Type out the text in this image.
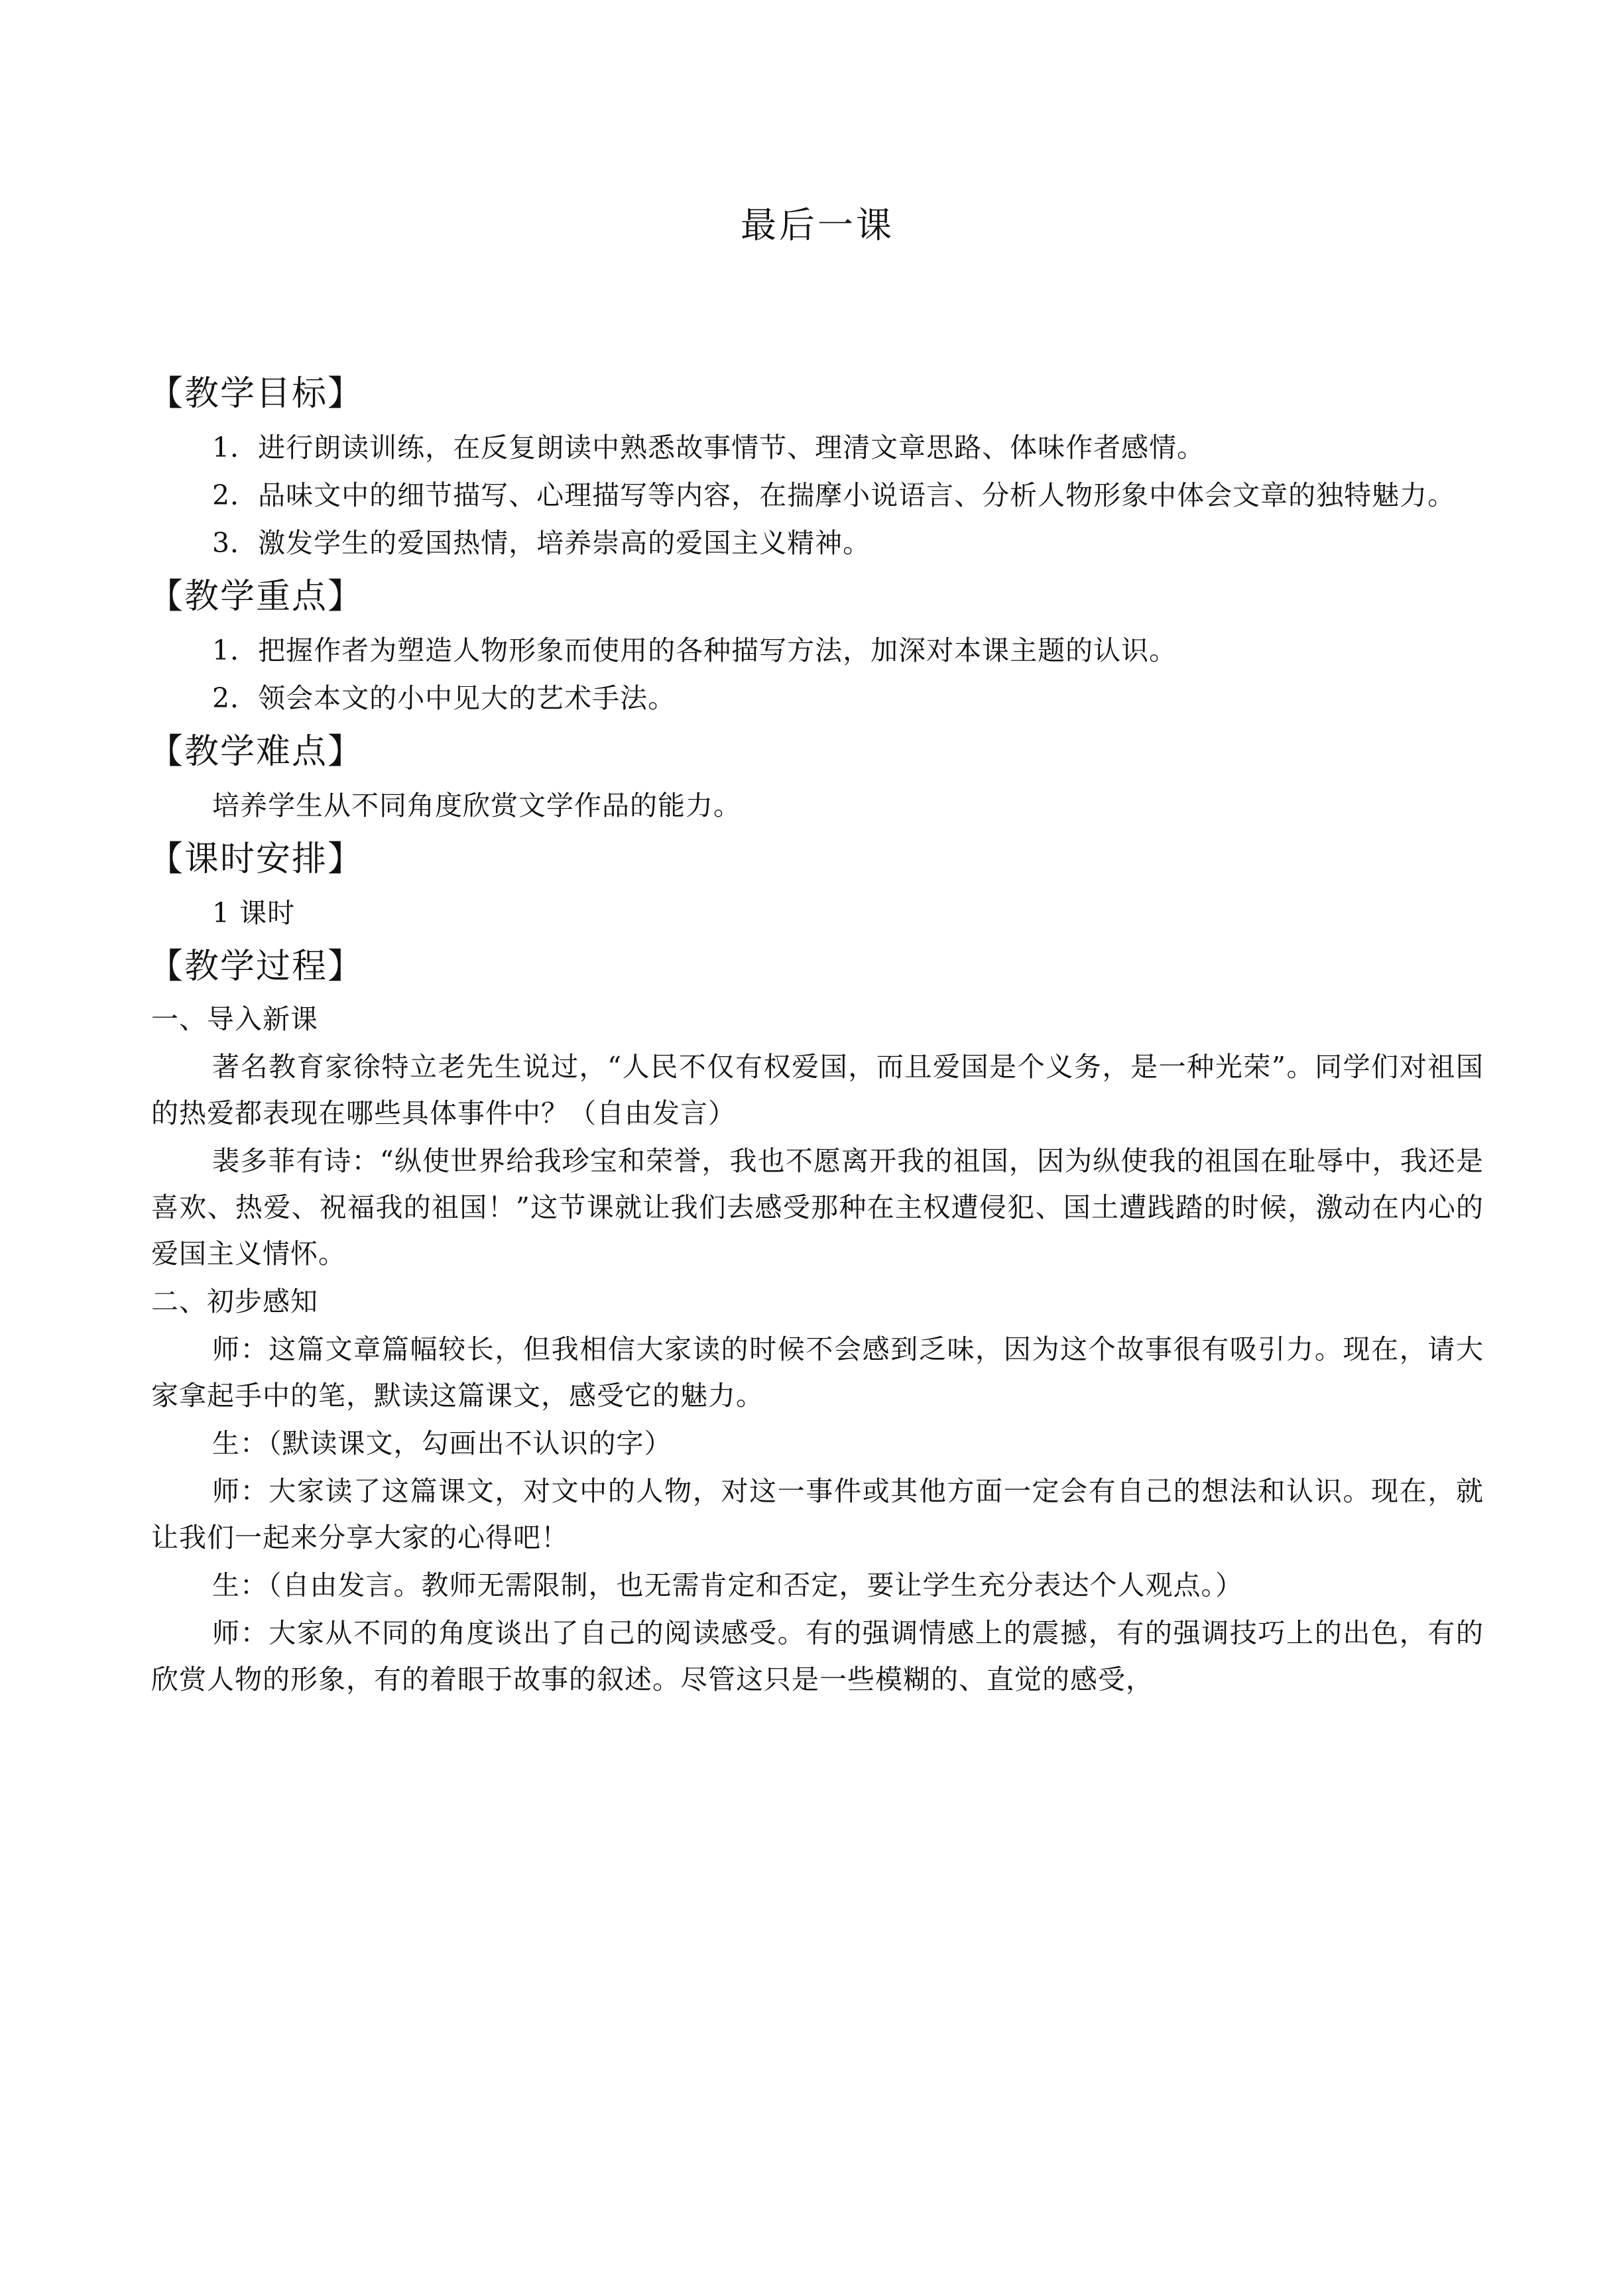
最后一课
【教学目标】

1．进行朗读训练，在反复朗读中熟悉故事情节、理清文章思路、体味作者感情。

2．品味文中的细节描写、心理描写等内容，在揣摩小说语言、分析人物形象中体会文章的独特魅力。

3．激发学生的爱国热情，培养崇高的爱国主义精神。

【教学重点】

1．把握作者为塑造人物形象而使用的各种描写方法，加深对本课主题的认识。

2．领会本文的小中见大的艺术手法。

【教学难点】

培养学生从不同角度欣赏文学作品的能力。

【课时安排】

1 课时

【教学过程】
一、导入新课

著名教育家徐特立老先生说过，“人民不仅有权爱国，而且爱国是个义务，是一种光荣”。同学们对祖国的热爱都表现在哪些具体事件中？（自由发言）

裴多菲有诗：“纵使世界给我珍宝和荣誉，我也不愿离开我的祖国，因为纵使我的祖国在耻辱中，我还是喜欢、热爱、祝福我的祖国！”这节课就让我们去感受那种在主权遭侵犯、国土遭践踏的时候，激动在内心的爱国主义情怀。

二、初步感知

师：这篇文章篇幅较长，但我相信大家读的时候不会感到乏味，因为这个故事很有吸引力。现在，请大家拿起手中的笔，默读这篇课文，感受它的魅力。

生：（默读课文，勾画出不认识的字）

师：大家读了这篇课文，对文中的人物，对这一事件或其他方面一定会有自己的想法和认识。现在，就让我们一起来分享大家的心得吧！

生：（自由发言。教师无需限制，也无需肯定和否定，要让学生充分表达个人观点。）

师：大家从不同的角度谈出了自己的阅读感受。有的强调情感上的震撼，有的强调技巧上的出色，有的欣赏人物的形象，有的着眼于故事的叙述。尽管这只是一些模糊的、直觉的感受，
